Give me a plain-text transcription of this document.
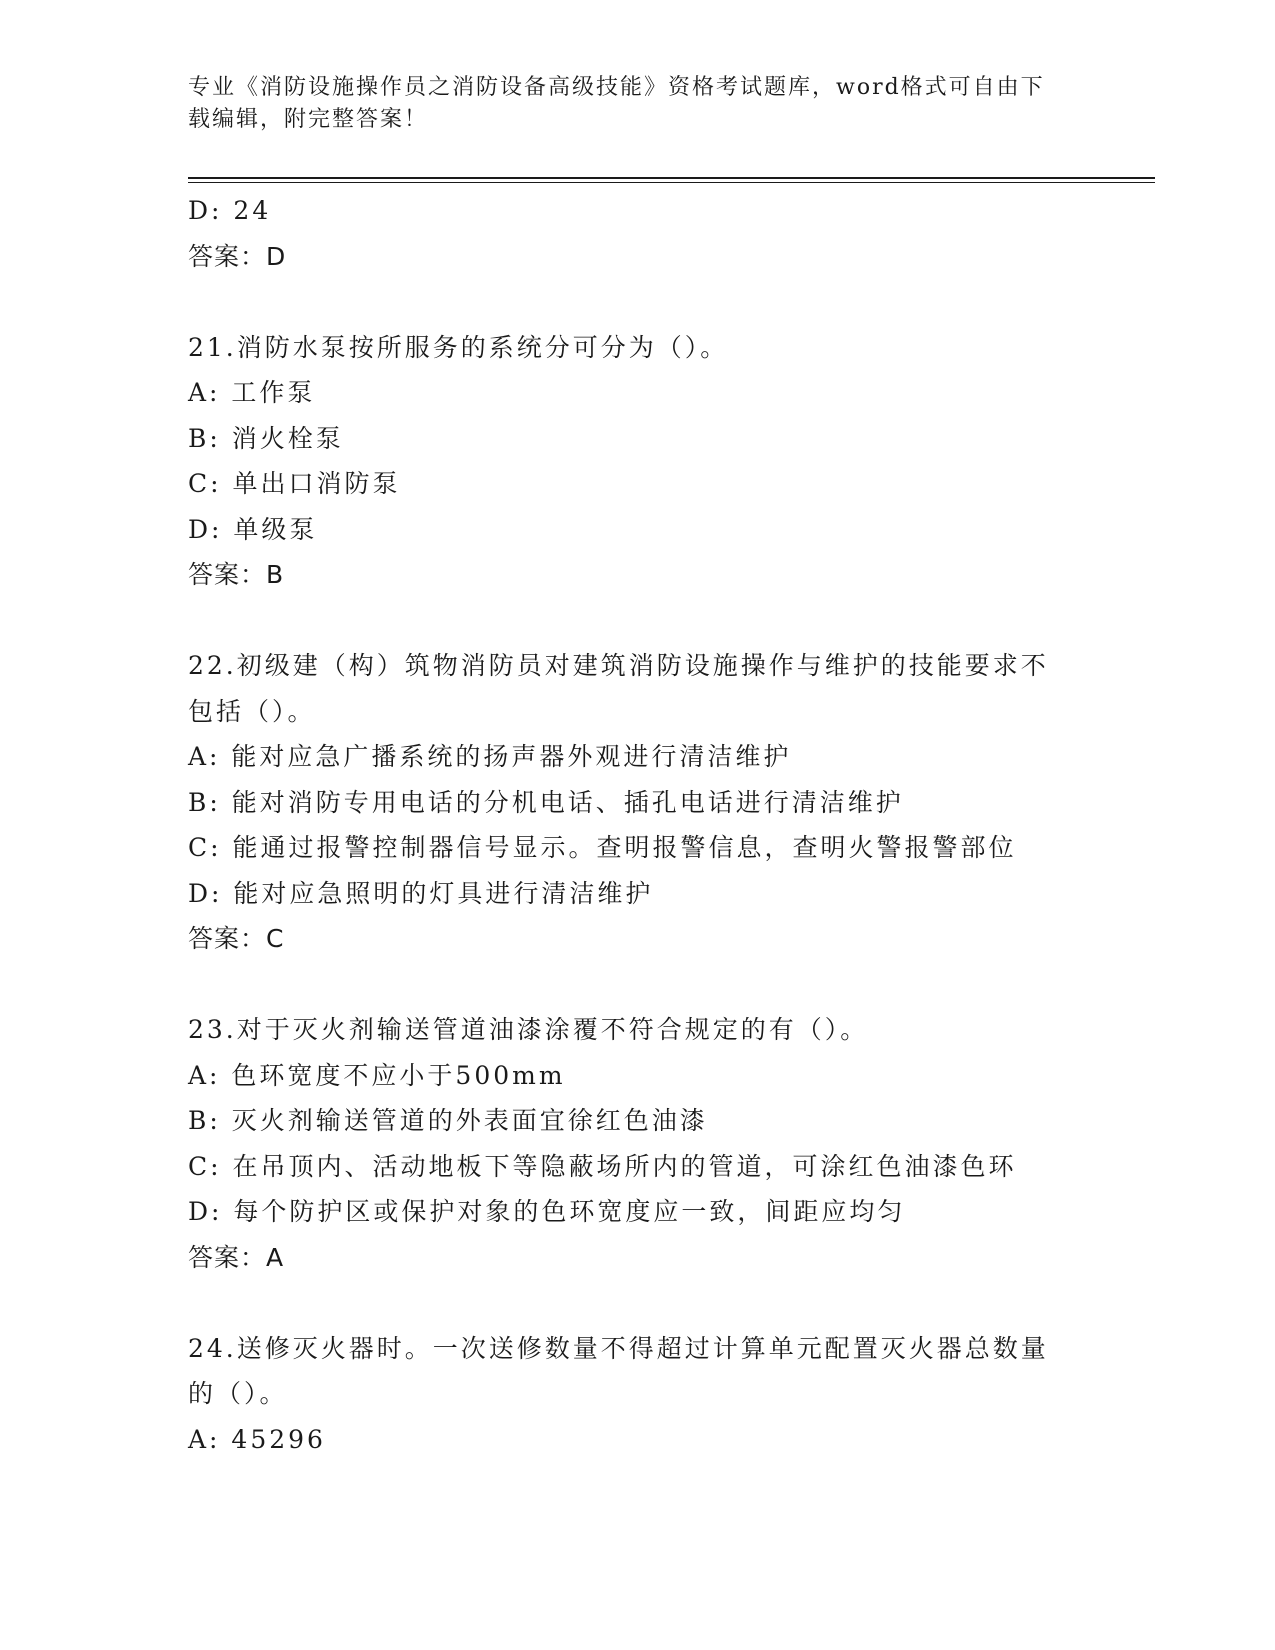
专业《消防设施操作员之消防设备高级技能》资格考试题库，word格式可自由下
载编辑，附完整答案！
D: 24
答案：D
21.消防水泵按所服务的系统分可分为（）。
A: 工作泵
B: 消火栓泵
C: 单出口消防泵
D: 单级泵
答案：B
22.初级建（构）筑物消防员对建筑消防设施操作与维护的技能要求不
包括（）。
A: 能对应急广播系统的扬声器外观进行清洁维护
B: 能对消防专用电话的分机电话、插孔电话进行清洁维护
C: 能通过报警控制器信号显示。查明报警信息，查明火警报警部位
D: 能对应急照明的灯具进行清洁维护
答案：C
23.对于灭火剂输送管道油漆涂覆不符合规定的有（）。
A: 色环宽度不应小于500mm
B: 灭火剂输送管道的外表面宜徐红色油漆
C: 在吊顶内、活动地板下等隐蔽场所内的管道，可涂红色油漆色环
D: 每个防护区或保护对象的色环宽度应一致，间距应均匀
答案：A
24.送修灭火器时。一次送修数量不得超过计算单元配置灭火器总数量
的（）。
A: 45296
